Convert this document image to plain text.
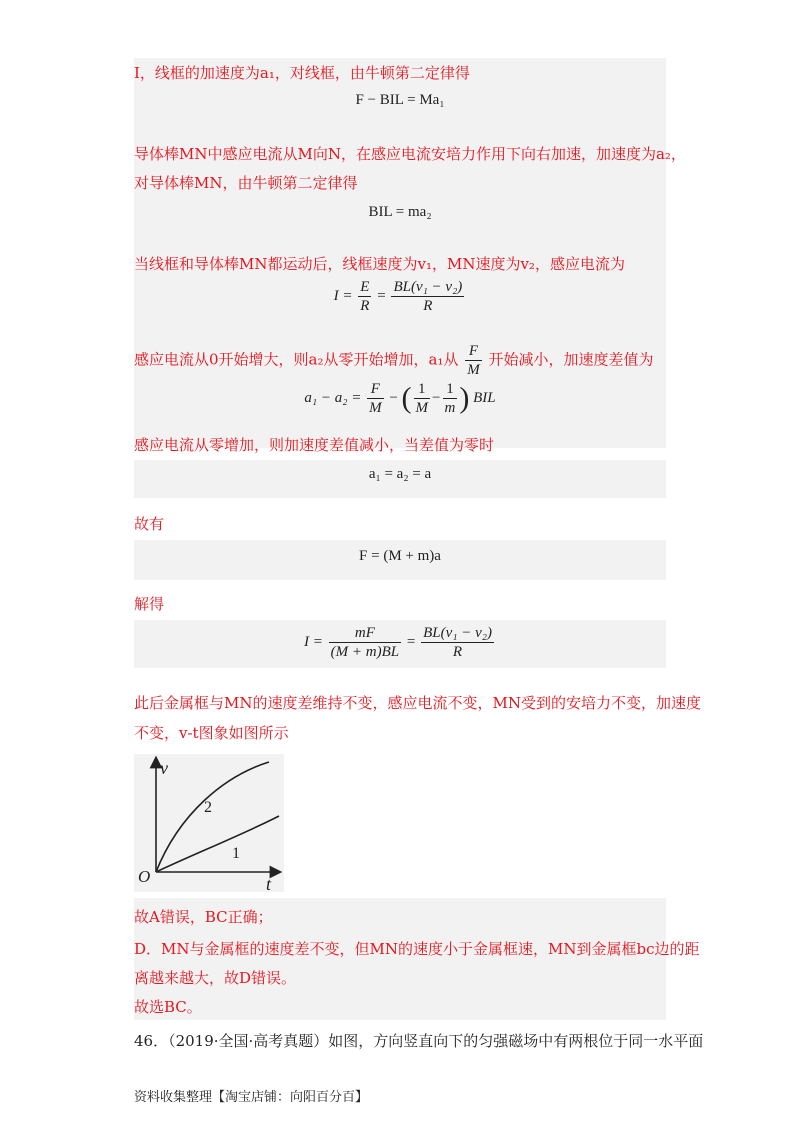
I，线框的加速度为a₁，对线框，由牛顿第二定律得
F − BIL = Ma₁
导体棒MN中感应电流从M向N，在感应电流安培力作用下向右加速，加速度为a₂，
对导体棒MN，由牛顿第二定律得
BIL = ma₂
当线框和导体棒MN都运动后，线框速度为v₁，MN速度为v₂，感应电流为
$I = \frac{E}{R} = \frac{\text{BL(v₁ − v₂)}}{R}$
感应电流从0开始增大，则a₂从零开始增加，a₁从 $\frac{F}{M}$ 开始减小，加速度差值为
$a_1 - a_2 = \frac{F}{M}$ − ( $\frac{1}{M} - \frac{1}{m}$ ) BIL
感应电流从零增加，则加速度差值减小，当差值为零时
a₁ = a₂ = a
故有
F = (M + m)a
解得
$I = \frac{mF}{(M + m)BL} = \frac{\text{BL(v₁ − v₂)}}{R}$
此后金属框与MN的速度差维持不变，感应电流不变，MN受到的安培力不变，加速度
不变，v-t图象如图所示
v
t
O
2
1
故A错误，BC正确；
D．MN与金属框的速度差不变，但MN的速度小于金属框速，MN到金属框bc边的距
离越来越大，故D错误。
故选BC。
46．（2019·全国·高考真题）如图，方向竖直向下的匀强磁场中有两根位于同一水平面
资料收集整理【淘宝店铺：向阳百分百】
